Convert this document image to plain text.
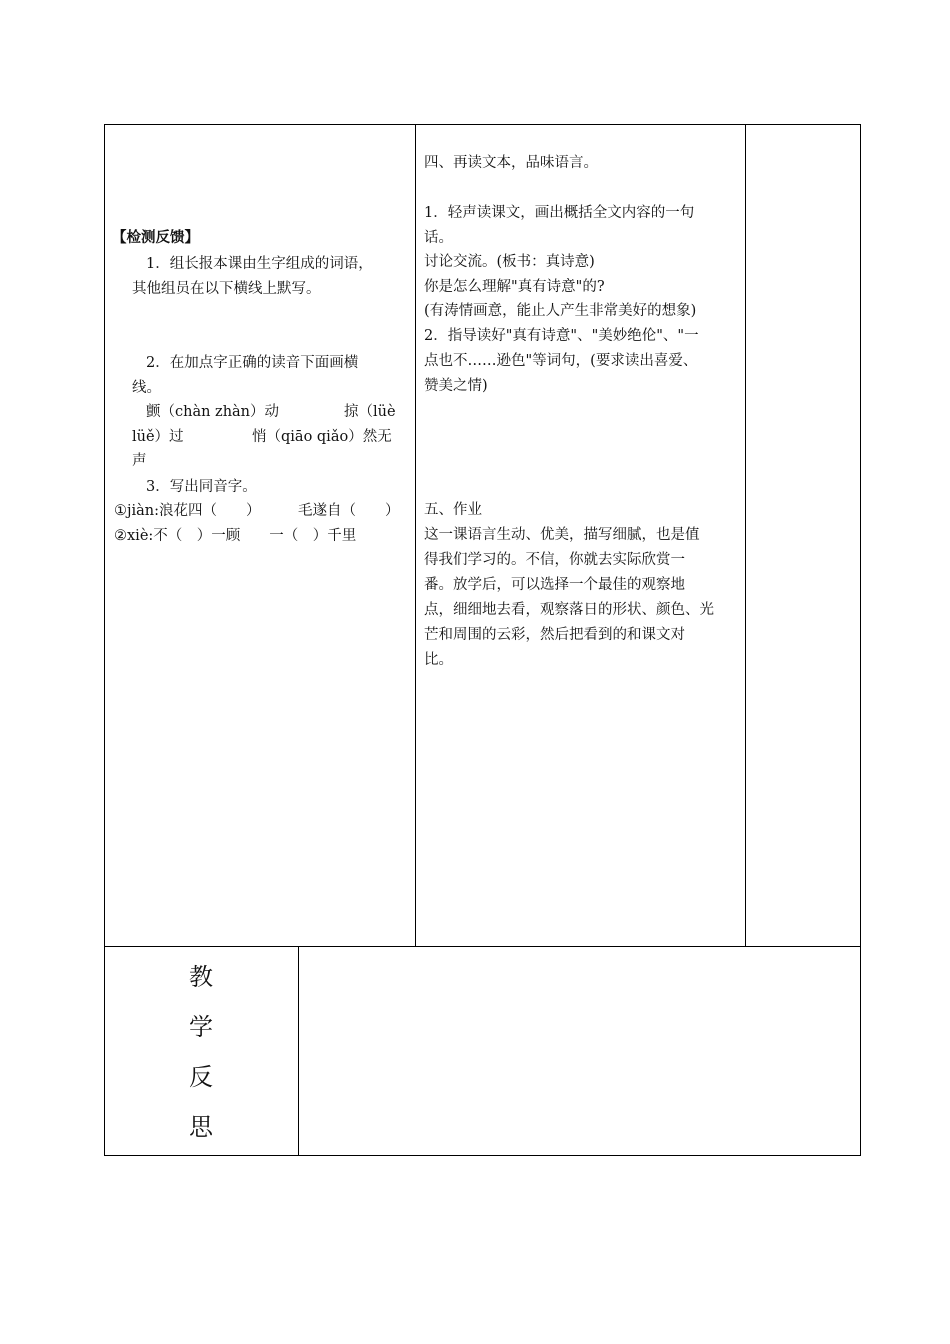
【检测反馈】
1．组长报本课由生字组成的词语，
其他组员在以下横线上默写。
2．在加点字正确的读音下面画横
线。
颤（chàn zhàn）动	掠（lüè
lüě）过	悄（qiāo qiǎo）然无
声
3．写出同音字。
①jiàn:浪花四（　　）	毛遂自（　　）
②xiè:不（　）一顾　　一（　）千里
四、再读文本，品味语言。
1．轻声读课文，画出概括全文内容的一句
话。
讨论交流。(板书：真诗意)
你是怎么理解"真有诗意"的?
(有涛情画意，能止人产生非常美好的想象)
2．指导读好"真有诗意"、"美妙绝伦"、"一
点也不……逊色"等词句，(要求读出喜爱、
赞美之情)
五、作业
这一课语言生动、优美，描写细腻，也是值
得我们学习的。不信，你就去实际欣赏一
番。放学后，可以选择一个最佳的观察地
点，细细地去看，观察落日的形状、颜色、光
芒和周围的云彩，然后把看到的和课文对
比。
教
学
反
思
